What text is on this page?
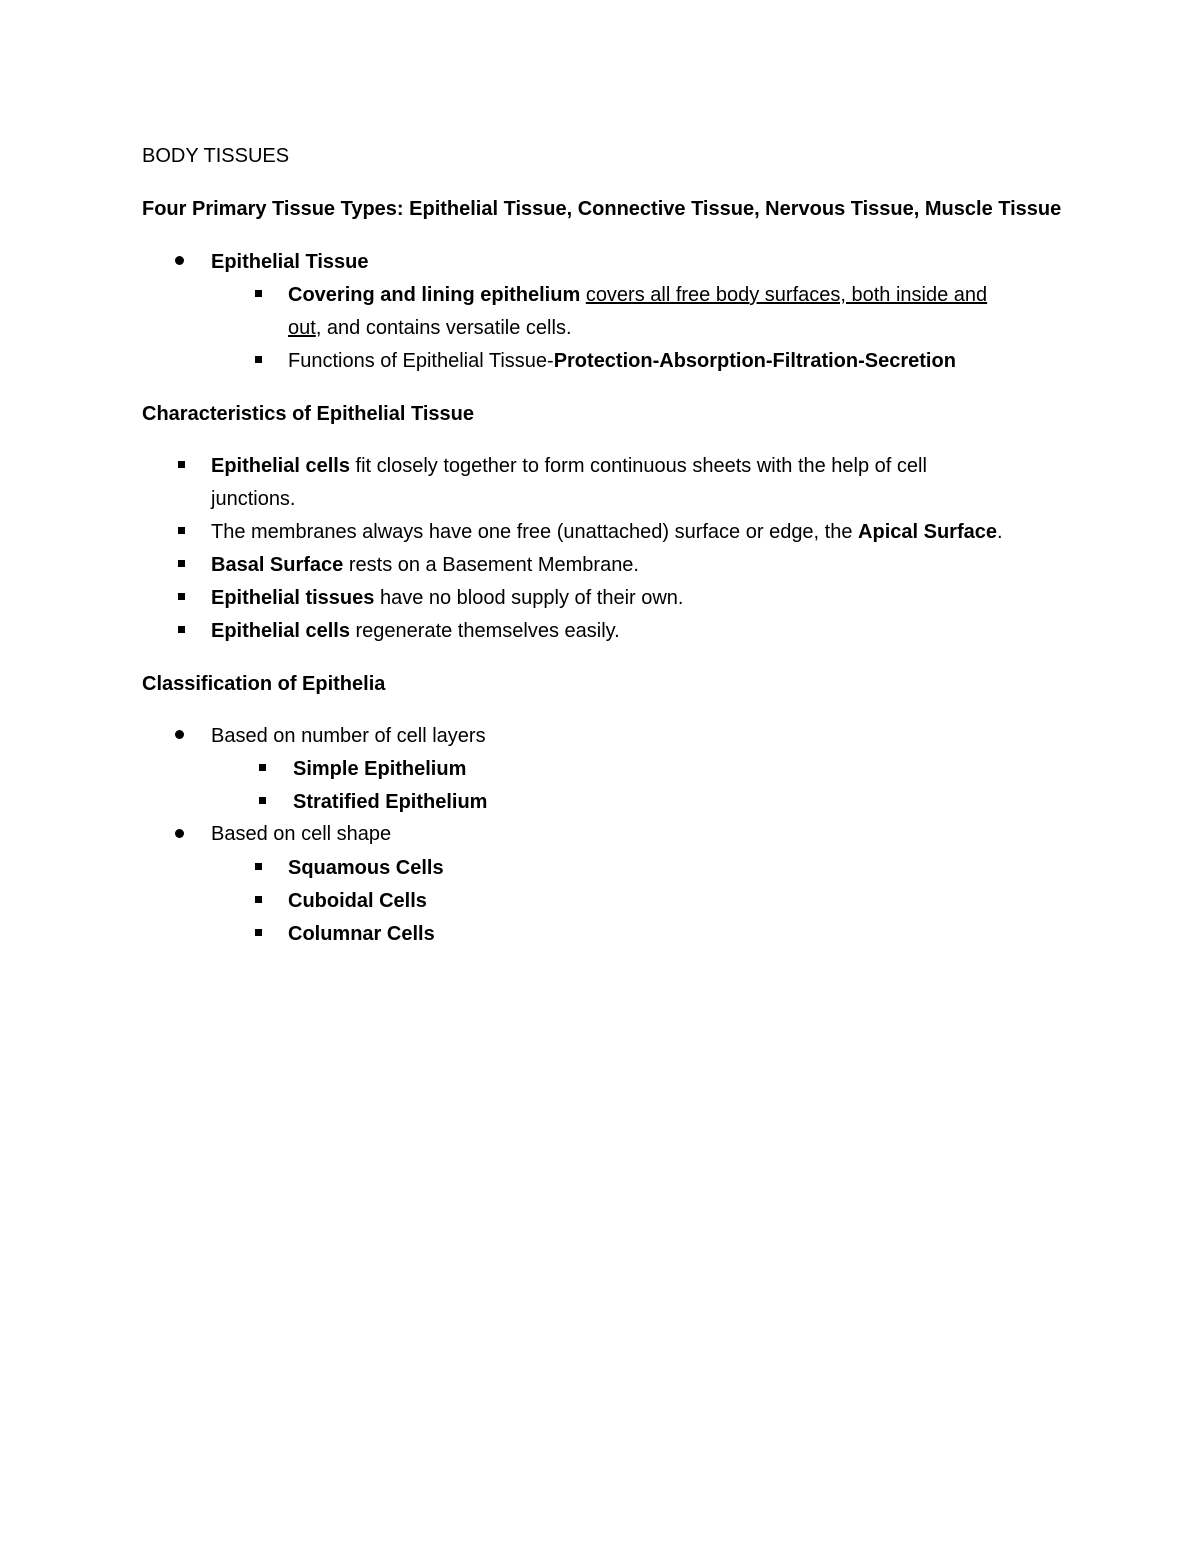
BODY TISSUES
Four Primary Tissue Types: Epithelial Tissue, Connective Tissue, Nervous Tissue, Muscle Tissue
Epithelial Tissue
Covering and lining epithelium covers all free body surfaces, both inside and
out, and contains versatile cells.
Functions of Epithelial Tissue-Protection-Absorption-Filtration-Secretion
Characteristics of Epithelial Tissue
Epithelial cells fit closely together to form continuous sheets with the help of cell
junctions.
The membranes always have one free (unattached) surface or edge, the Apical Surface.
Basal Surface rests on a Basement Membrane.
Epithelial tissues have no blood supply of their own.
Epithelial cells regenerate themselves easily.
Classification of Epithelia
Based on number of cell layers
Simple Epithelium
Stratified Epithelium
Based on cell shape
Squamous Cells
Cuboidal Cells
Columnar Cells
